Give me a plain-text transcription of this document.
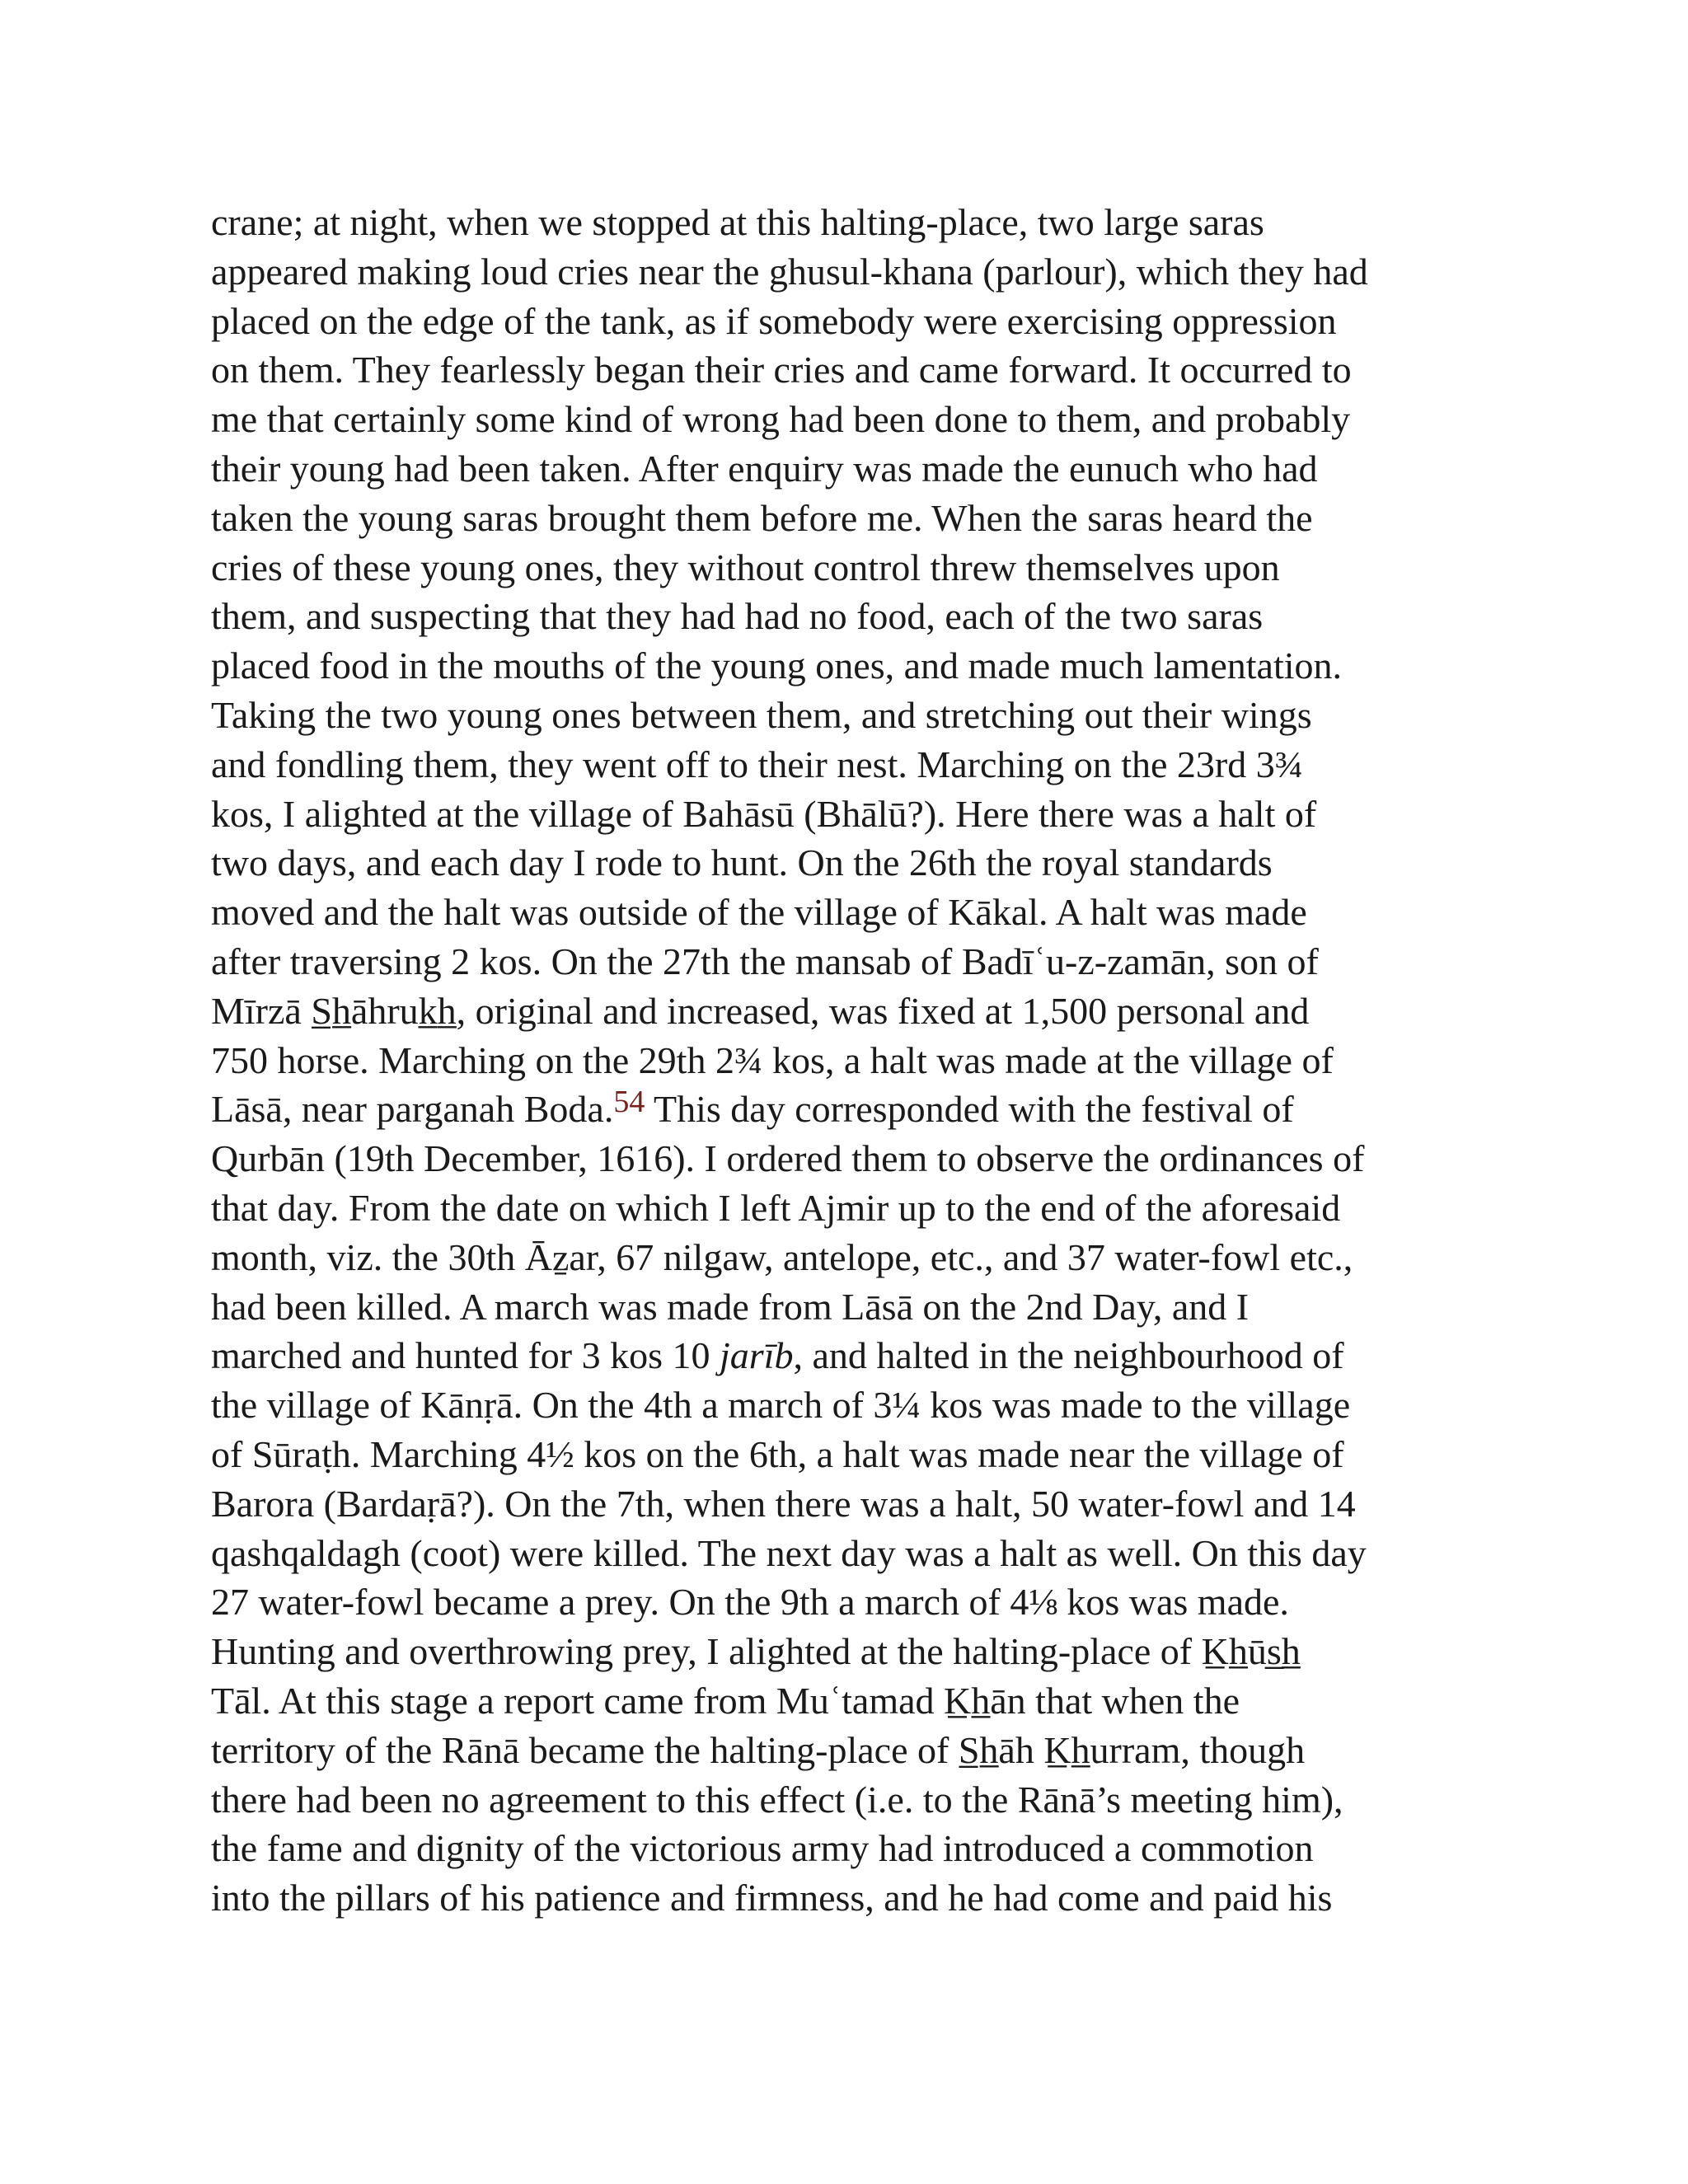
crane; at night, when we stopped at this halting-place, two large saras
appeared making loud cries near the ghusul-khana (parlour), which they had
placed on the edge of the tank, as if somebody were exercising oppression
on them. They fearlessly began their cries and came forward. It occurred to
me that certainly some kind of wrong had been done to them, and probably
their young had been taken. After enquiry was made the eunuch who had
taken the young saras brought them before me. When the saras heard the
cries of these young ones, they without control threw themselves upon
them, and suspecting that they had had no food, each of the two saras
placed food in the mouths of the young ones, and made much lamentation.
Taking the two young ones between them, and stretching out their wings
and fondling them, they went off to their nest. Marching on the 23rd 3¾
kos, I alighted at the village of Bahāsū (Bhālū?). Here there was a halt of
two days, and each day I rode to hunt. On the 26th the royal standards
moved and the halt was outside of the village of Kākal. A halt was made
after traversing 2 kos. On the 27th the mansab of Badīʿu-z-zamān, son of
Mīrzā S̲h̲āhruk̲h̲, original and increased, was fixed at 1,500 personal and
750 horse. Marching on the 29th 2¾ kos, a halt was made at the village of
Lāsā, near parganah Boda.$^{54}$ This day corresponded with the festival of
Qurbān (19th December, 1616). I ordered them to observe the ordinances of
that day. From the date on which I left Ajmir up to the end of the aforesaid
month, viz. the 30th Āẕar, 67 nilgaw, antelope, etc., and 37 water-fowl etc.,
had been killed. A march was made from Lāsā on the 2nd Day, and I
marched and hunted for 3 kos 10 jarīb, and halted in the neighbourhood of
the village of Kānṛā. On the 4th a march of 3¼ kos was made to the village
of Sūraṭh. Marching 4½ kos on the 6th, a halt was made near the village of
Barora (Bardaṛā?). On the 7th, when there was a halt, 50 water-fowl and 14
qashqaldagh (coot) were killed. The next day was a halt as well. On this day
27 water-fowl became a prey. On the 9th a march of 4⅛ kos was made.
Hunting and overthrowing prey, I alighted at the halting-place of K̲h̲ūs̲h̲
Tāl. At this stage a report came from Muʿtamad K̲h̲ān that when the
territory of the Rānā became the halting-place of S̲h̲āh K̲h̲urram, though
there had been no agreement to this effect (i.e. to the Rānā’s meeting him),
the fame and dignity of the victorious army had introduced a commotion
into the pillars of his patience and firmness, and he had come and paid his
